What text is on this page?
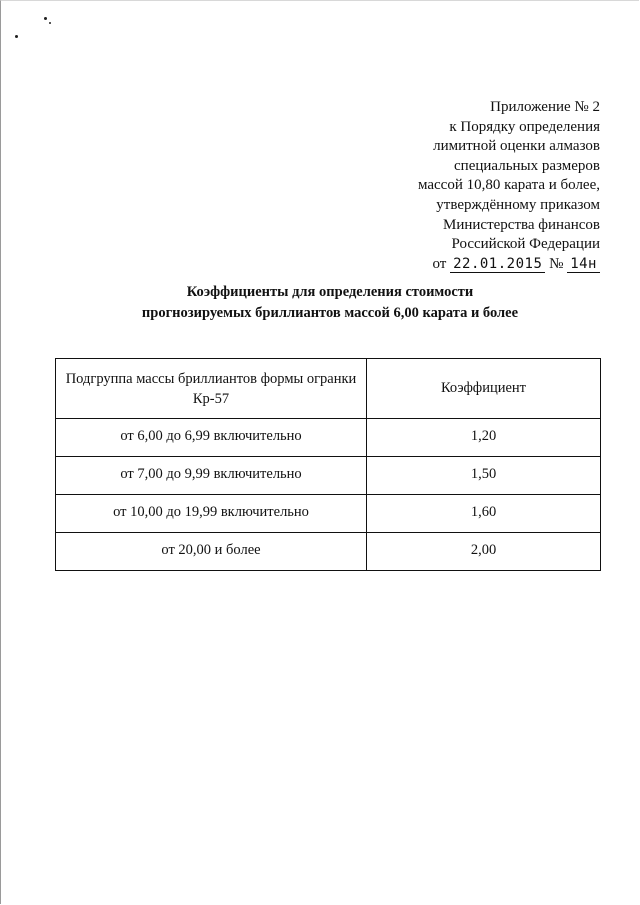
Приложение № 2
к Порядку определения
лимитной оценки алмазов
специальных размеров
массой 10,80 карата и более,
утверждённому приказом
Министерства финансов
Российской Федерации
от 22.01.2015 № 14н
Коэффициенты для определения стоимости
прогнозируемых бриллиантов массой 6,00 карата и более
Подгруппа массы бриллиантов формы огранки Кр-57	Коэффициент
от 6,00 до 6,99 включительно	1,20
от 7,00 до 9,99 включительно	1,50
от 10,00 до 19,99 включительно	1,60
от 20,00 и более	2,00
